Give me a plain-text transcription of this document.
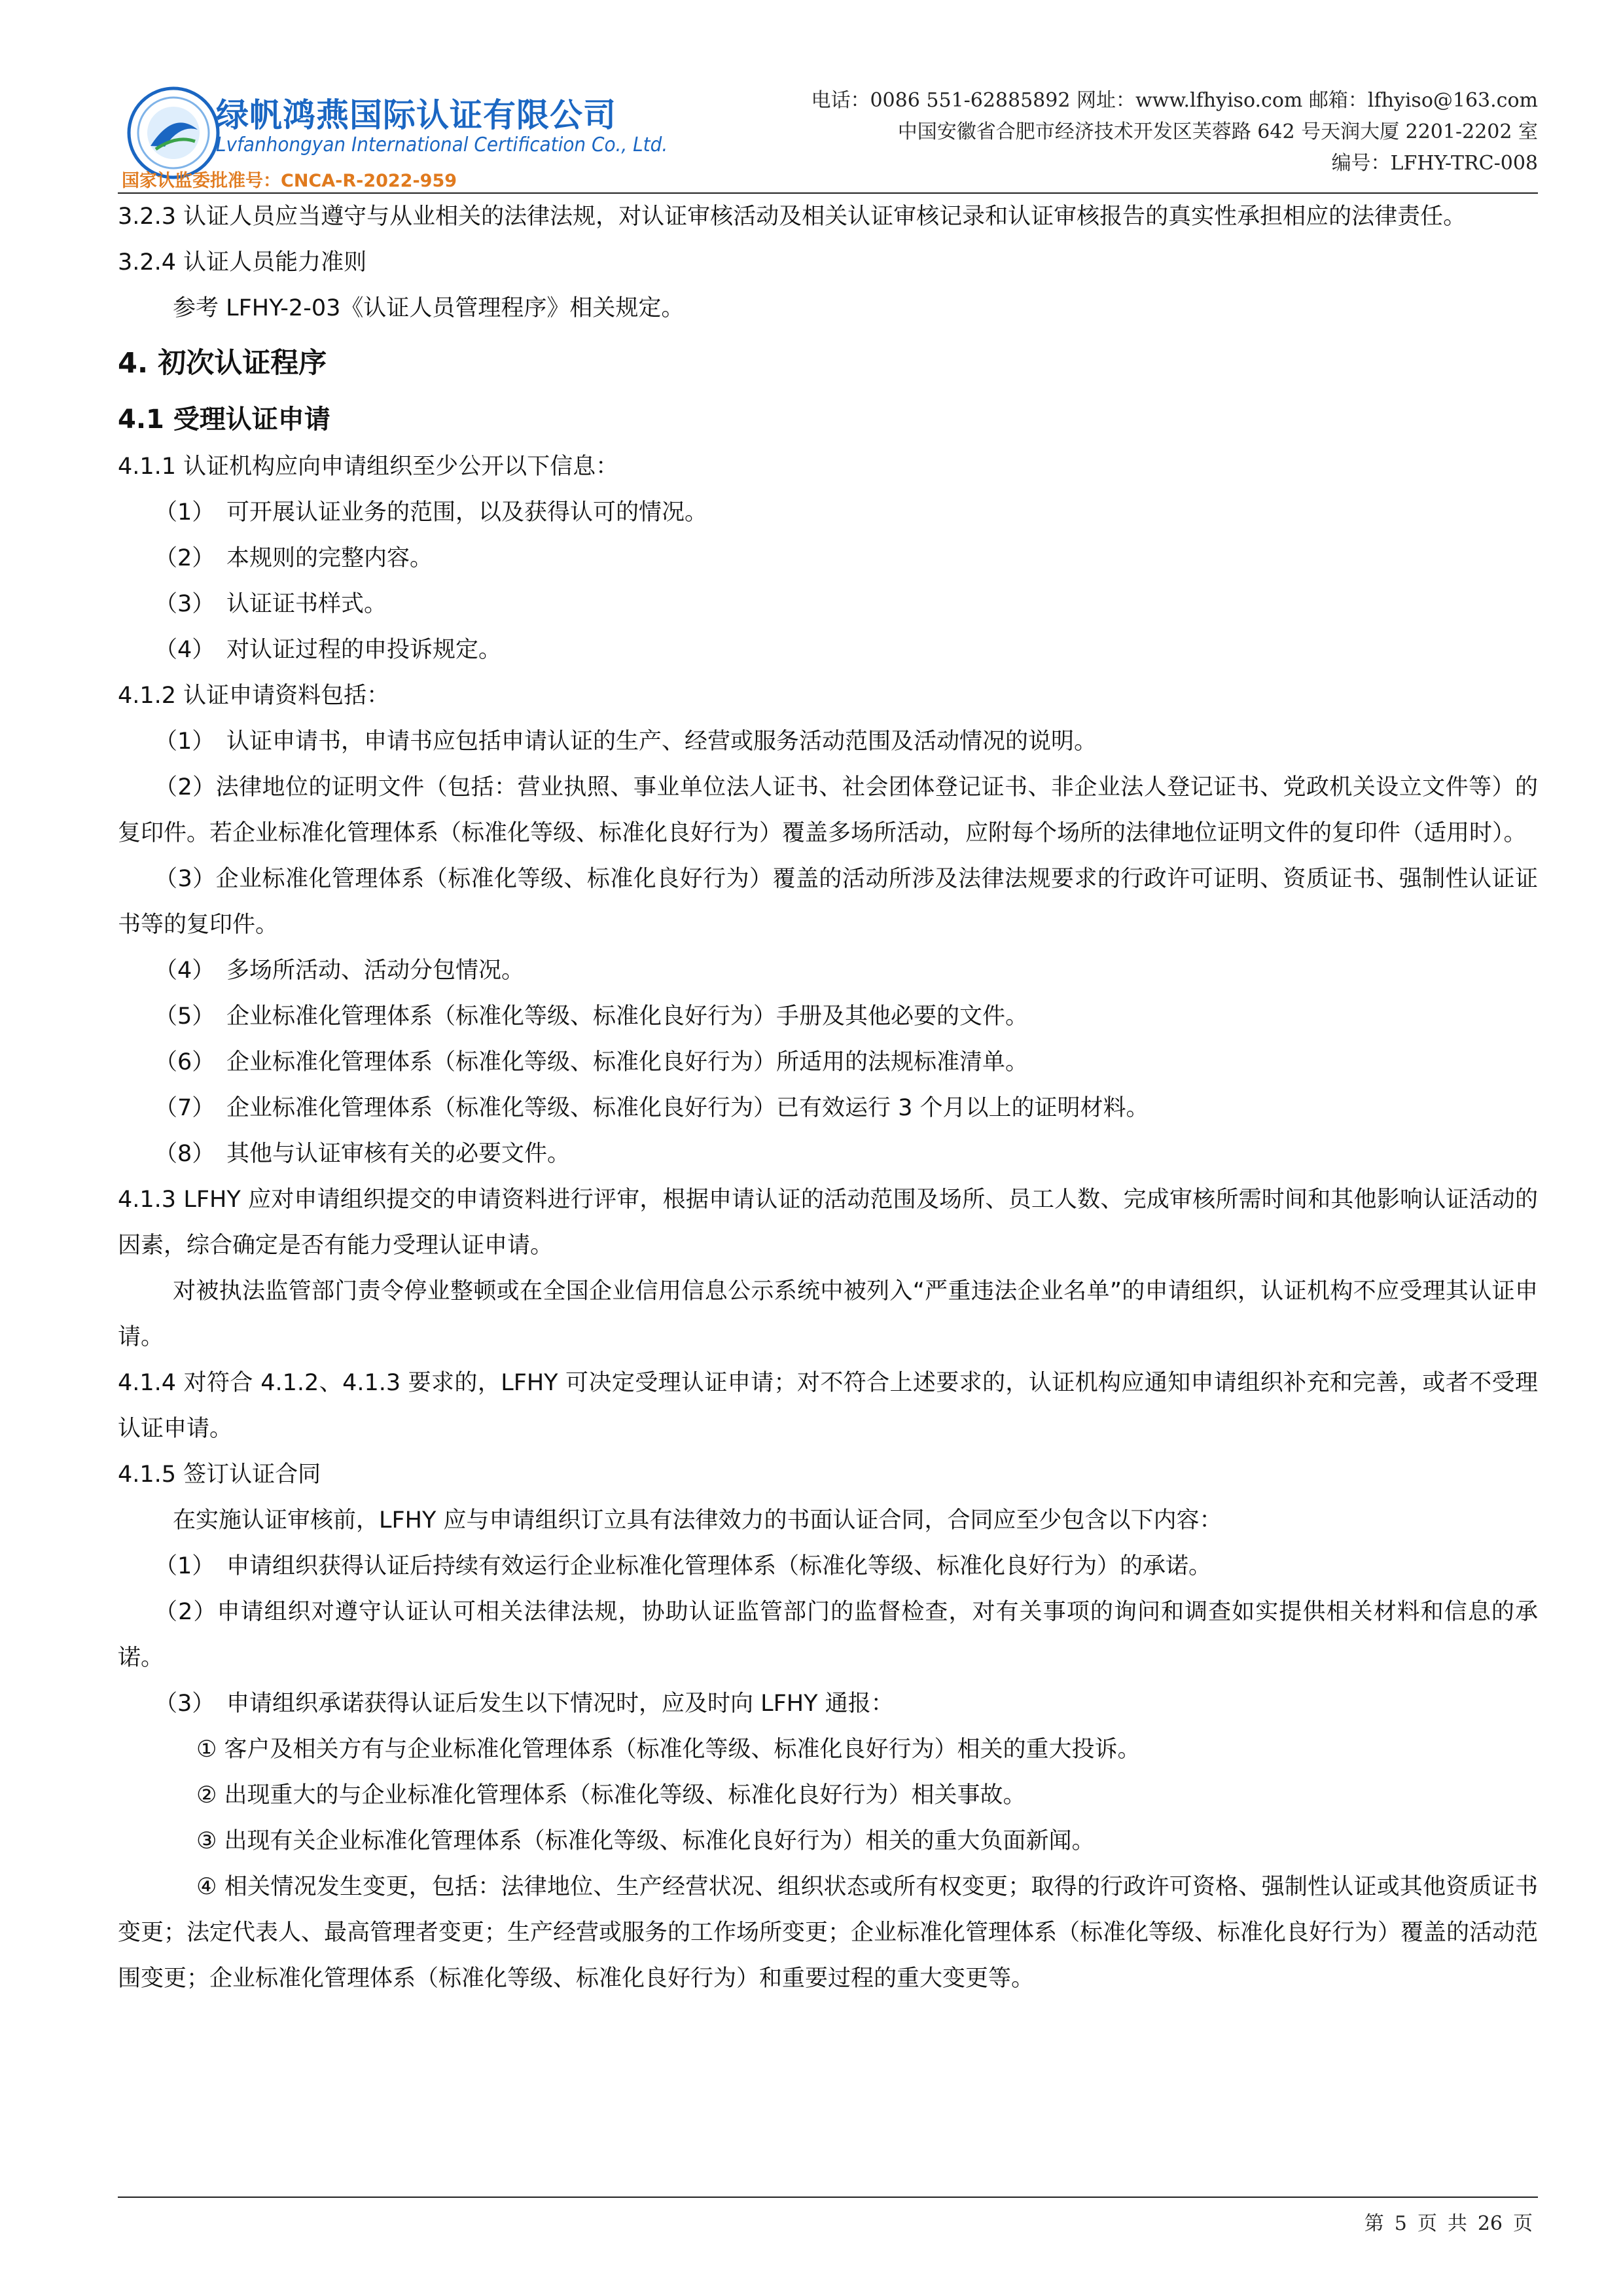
绿帆鸿燕国际认证有限公司
Lvfanhongyan International Certification Co., Ltd.
国家认监委批准号：CNCA-R-2022-959
电话：0086 551-62885892 网址：www.lfhyiso.com 邮箱：lfhyiso@163.com
中国安徽省合肥市经济技术开发区芙蓉路 642 号天润大厦 2201-2202 室
编号：LFHY-TRC-008

3.2.3 认证人员应当遵守与从业相关的法律法规，对认证审核活动及相关认证审核记录和认证审核报告的真实性承担相应的法律责任。

3.2.4 认证人员能力准则

参考 LFHY-2-03《认证人员管理程序》相关规定。

4. 初次认证程序
4.1 受理认证申请

4.1.1 认证机构应向申请组织至少公开以下信息：

（1） 可开展认证业务的范围，以及获得认可的情况。

（2） 本规则的完整内容。

（3） 认证证书样式。

（4） 对认证过程的申投诉规定。

4.1.2 认证申请资料包括：

（1） 认证申请书，申请书应包括申请认证的生产、经营或服务活动范围及活动情况的说明。

（2）法律地位的证明文件（包括：营业执照、事业单位法人证书、社会团体登记证书、非企业法人登记证书、党政机关设立文件等）的复印件。若企业标准化管理体系（标准化等级、标准化良好行为）覆盖多场所活动，应附每个场所的法律地位证明文件的复印件（适用时）。

（3）企业标准化管理体系（标准化等级、标准化良好行为）覆盖的活动所涉及法律法规要求的行政许可证明、资质证书、强制性认证证书等的复印件。

（4） 多场所活动、活动分包情况。

（5） 企业标准化管理体系（标准化等级、标准化良好行为）手册及其他必要的文件。

（6） 企业标准化管理体系（标准化等级、标准化良好行为）所适用的法规标准清单。

（7） 企业标准化管理体系（标准化等级、标准化良好行为）已有效运行 3 个月以上的证明材料。

（8） 其他与认证审核有关的必要文件。

4.1.3 LFHY 应对申请组织提交的申请资料进行评审，根据申请认证的活动范围及场所、员工人数、完成审核所需时间和其他影响认证活动的因素，综合确定是否有能力受理认证申请。

对被执法监管部门责令停业整顿或在全国企业信用信息公示系统中被列入“严重违法企业名单”的申请组织，认证机构不应受理其认证申请。

4.1.4 对符合 4.1.2、4.1.3 要求的，LFHY 可决定受理认证申请；对不符合上述要求的，认证机构应通知申请组织补充和完善，或者不受理认证申请。

4.1.5 签订认证合同

在实施认证审核前，LFHY 应与申请组织订立具有法律效力的书面认证合同，合同应至少包含以下内容：

（1） 申请组织获得认证后持续有效运行企业标准化管理体系（标准化等级、标准化良好行为）的承诺。

（2）申请组织对遵守认证认可相关法律法规，协助认证监管部门的监督检查，对有关事项的询问和调查如实提供相关材料和信息的承诺。

（3） 申请组织承诺获得认证后发生以下情况时，应及时向 LFHY 通报：

① 客户及相关方有与企业标准化管理体系（标准化等级、标准化良好行为）相关的重大投诉。

② 出现重大的与企业标准化管理体系（标准化等级、标准化良好行为）相关事故。

③ 出现有关企业标准化管理体系（标准化等级、标准化良好行为）相关的重大负面新闻。

④ 相关情况发生变更，包括：法律地位、生产经营状况、组织状态或所有权变更；取得的行政许可资格、强制性认证或其他资质证书变更；法定代表人、最高管理者变更；生产经营或服务的工作场所变更；企业标准化管理体系（标准化等级、标准化良好行为）覆盖的活动范围变更；企业标准化管理体系（标准化等级、标准化良好行为）和重要过程的重大变更等。

第 5 页 共 26 页
